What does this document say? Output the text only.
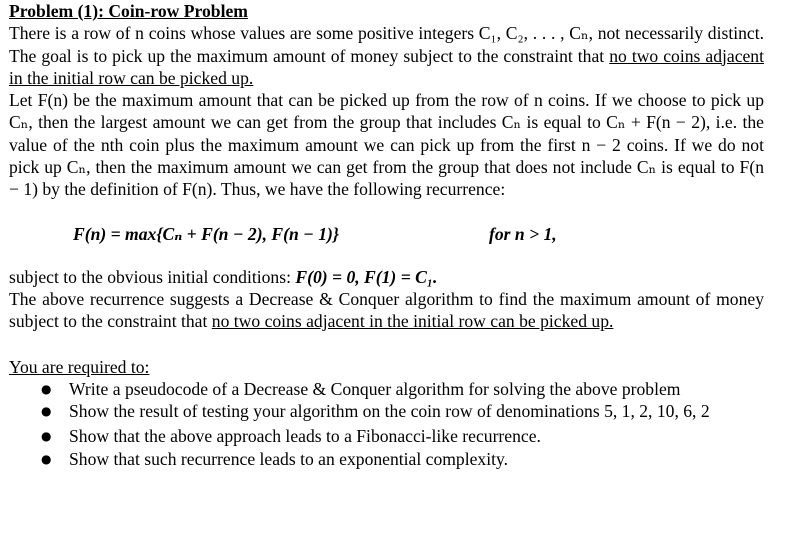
Problem (1): Coin-row Problem

There is a row of n coins whose values are some positive integers C₁, C₂, . . . , Cₙ, not necessarily distinct. The goal is to pick up the maximum amount of money subject to the constraint that no two coins adjacent in the initial row can be picked up.

Let F(n) be the maximum amount that can be picked up from the row of n coins. If we choose to pick up Cₙ, then the largest amount we can get from the group that includes Cₙ is equal to Cₙ + F(n − 2), i.e. the value of the nth coin plus the maximum amount we can pick up from the first n − 2 coins. If we do not pick up Cₙ, then the maximum amount we can get from the group that does not include Cₙ is equal to F(n − 1) by the definition of F(n). Thus, we have the following recurrence:

F(n) = max{Cₙ + F(n − 2), F(n − 1)}	for n > 1,

subject to the obvious initial conditions: F(0) = 0, F(1) = C₁.

The above recurrence suggests a Decrease & Conquer algorithm to find the maximum amount of money subject to the constraint that no two coins adjacent in the initial row can be picked up.

You are required to:

● Write a pseudocode of a Decrease & Conquer algorithm for solving the above problem
● Show the result of testing your algorithm on the coin row of denominations 5, 1, 2, 10, 6, 2
● Show that the above approach leads to a Fibonacci-like recurrence.
● Show that such recurrence leads to an exponential complexity.
